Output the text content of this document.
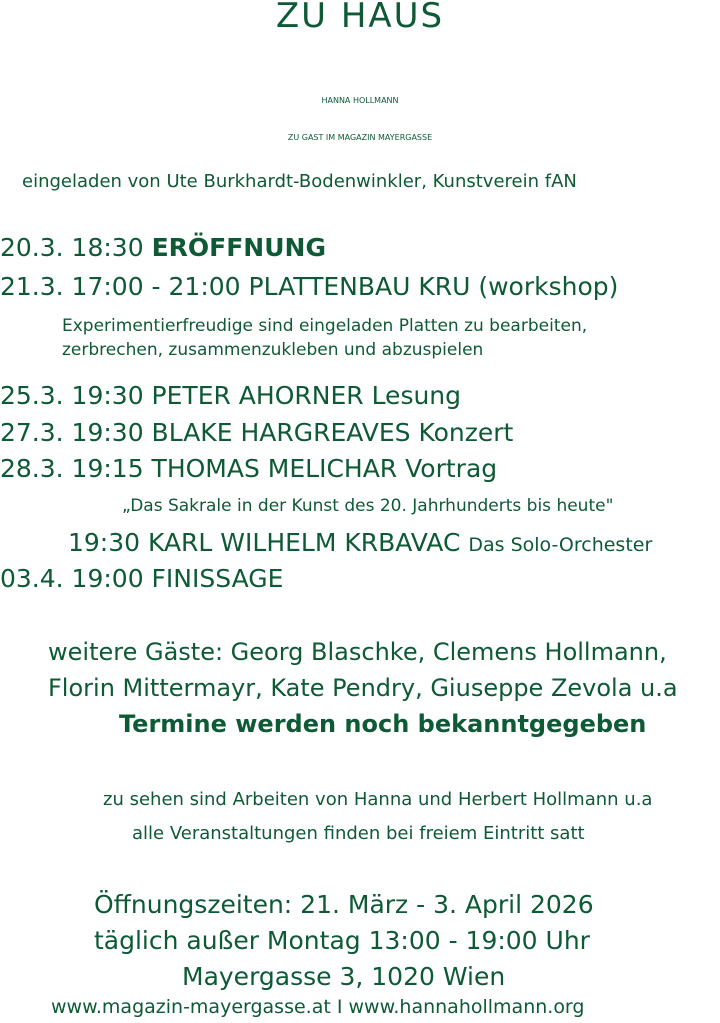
ZU HAUS
HANNA HOLLMANN
ZU GAST IM MAGAZIN MAYERGASSE
eingeladen von Ute Burkhardt-Bodenwinkler, Kunstverein fAN
20.3. 18:30 ERÖFFNUNG
21.3. 17:00 - 21:00 PLATTENBAU KRU (workshop)
Experimentierfreudige sind eingeladen Platten zu bearbeiten,
zerbrechen, zusammenzukleben und abzuspielen
25.3. 19:30 PETER AHORNER Lesung
27.3. 19:30 BLAKE HARGREAVES Konzert
28.3. 19:15 THOMAS MELICHAR Vortrag
„Das Sakrale in der Kunst des 20. Jahrhunderts bis heute"
19:30 KARL WILHELM KRBAVAC Das Solo-Orchester
03.4. 19:00 FINISSAGE
weitere Gäste: Georg Blaschke, Clemens Hollmann,
Florin Mittermayr, Kate Pendry, Giuseppe Zevola u.a
Termine werden noch bekanntgegeben
zu sehen sind Arbeiten von Hanna und Herbert Hollmann u.a
alle Veranstaltungen finden bei freiem Eintritt satt
Öffnungszeiten: 21. März - 3. April 2026
täglich außer Montag 13:00 - 19:00 Uhr
Mayergasse 3, 1020 Wien
www.magazin-mayergasse.at I www.hannahollmann.org
